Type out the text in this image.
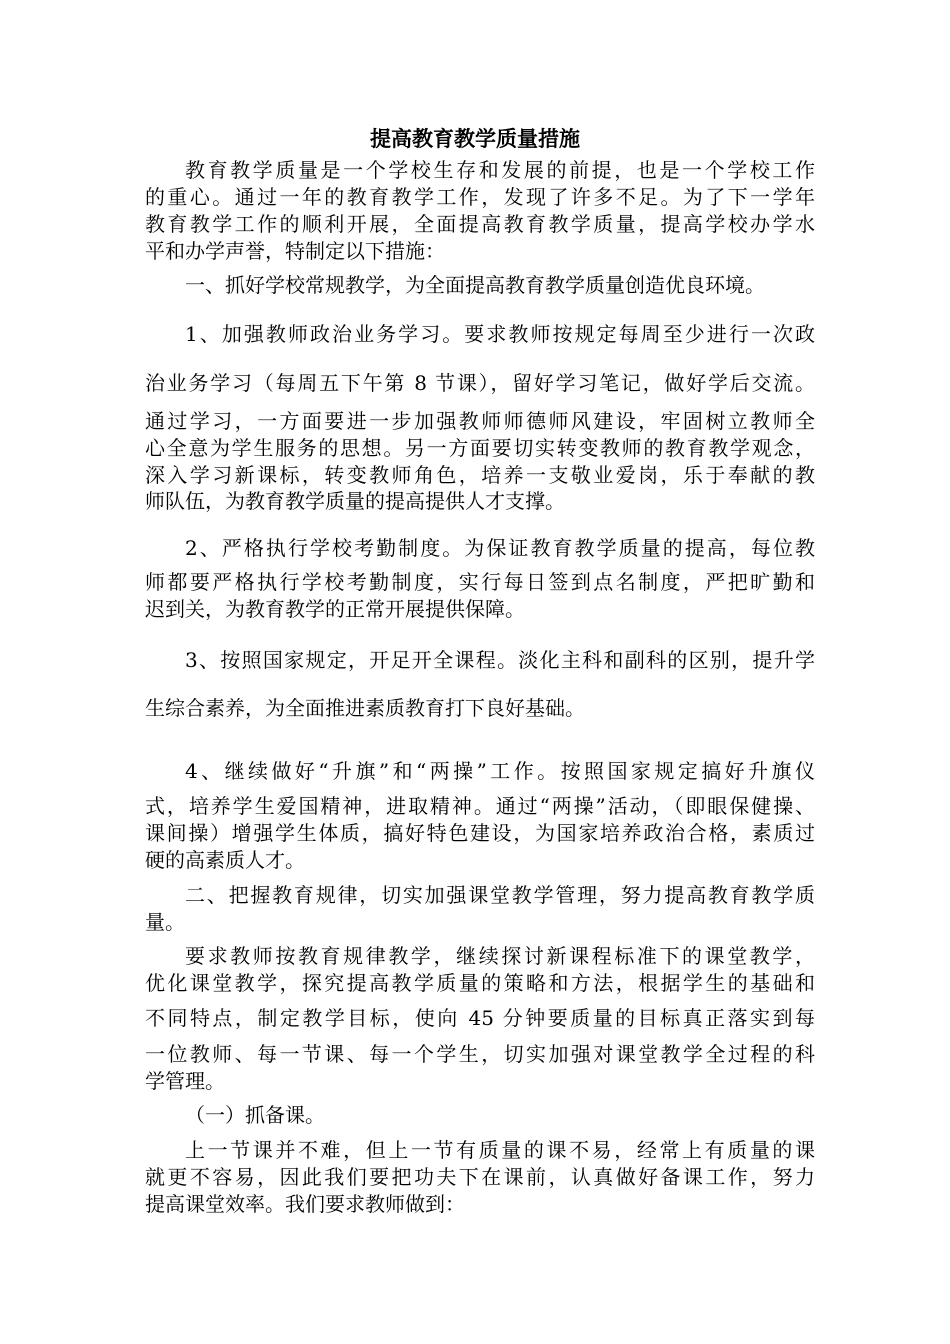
提高教育教学质量措施
教育教学质量是一个学校生存和发展的前提，也是一个学校工作
的重心。通过一年的教育教学工作，发现了许多不足。为了下一学年
教育教学工作的顺利开展，全面提高教育教学质量，提高学校办学水
平和办学声誉，特制定以下措施：
一、抓好学校常规教学，为全面提高教育教学质量创造优良环境。
1、加强教师政治业务学习。要求教师按规定每周至少进行一次政
治业务学习（每周五下午第 8 节课），留好学习笔记，做好学后交流。
通过学习，一方面要进一步加强教师师德师风建设，牢固树立教师全
心全意为学生服务的思想。另一方面要切实转变教师的教育教学观念，
深入学习新课标，转变教师角色，培养一支敬业爱岗，乐于奉献的教
师队伍，为教育教学质量的提高提供人才支撑。
2、严格执行学校考勤制度。为保证教育教学质量的提高，每位教
师都要严格执行学校考勤制度，实行每日签到点名制度，严把旷勤和
迟到关，为教育教学的正常开展提供保障。
3、按照国家规定，开足开全课程。淡化主科和副科的区别，提升学
生综合素养，为全面推进素质教育打下良好基础。
4、继续做好“升旗”和“两操”工作。按照国家规定搞好升旗仪
式，培养学生爱国精神，进取精神。通过“两操”活动，（即眼保健操、
课间操）增强学生体质，搞好特色建设，为国家培养政治合格，素质过
硬的高素质人才。
二、把握教育规律，切实加强课堂教学管理，努力提高教育教学质
量。
要求教师按教育规律教学，继续探讨新课程标准下的课堂教学，
优化课堂教学，探究提高教学质量的策略和方法，根据学生的基础和
不同特点，制定教学目标，使向 45 分钟要质量的目标真正落实到每
一位教师、每一节课、每一个学生，切实加强对课堂教学全过程的科
学管理。
（一）抓备课。
上一节课并不难，但上一节有质量的课不易，经常上有质量的课
就更不容易，因此我们要把功夫下在课前，认真做好备课工作，努力
提高课堂效率。我们要求教师做到：
